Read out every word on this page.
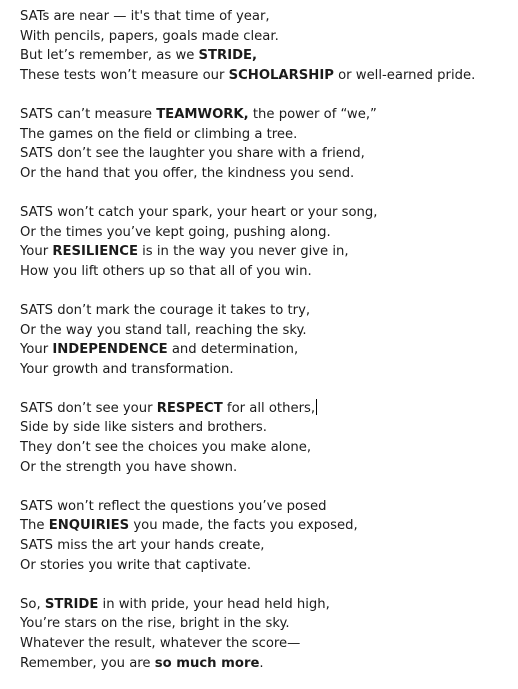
SATs are near — it's that time of year,
With pencils, papers, goals made clear.
But let’s remember, as we STRIDE,
These tests won’t measure our SCHOLARSHIP or well-earned pride.
SATS can’t measure TEAMWORK, the power of “we,”
The games on the field or climbing a tree.
SATS don’t see the laughter you share with a friend,
Or the hand that you offer, the kindness you send.
SATS won’t catch your spark, your heart or your song,
Or the times you’ve kept going, pushing along.
Your RESILIENCE is in the way you never give in,
How you lift others up so that all of you win.
SATS don’t mark the courage it takes to try,
Or the way you stand tall, reaching the sky.
Your INDEPENDENCE and determination,
Your growth and transformation.
SATS don’t see your RESPECT for all others,
Side by side like sisters and brothers.
They don’t see the choices you make alone,
Or the strength you have shown.
SATS won’t reflect the questions you’ve posed
The ENQUIRIES you made, the facts you exposed,
SATS miss the art your hands create,
Or stories you write that captivate.
So, STRIDE in with pride, your head held high,
You’re stars on the rise, bright in the sky.
Whatever the result, whatever the score—
Remember, you are so much more.
